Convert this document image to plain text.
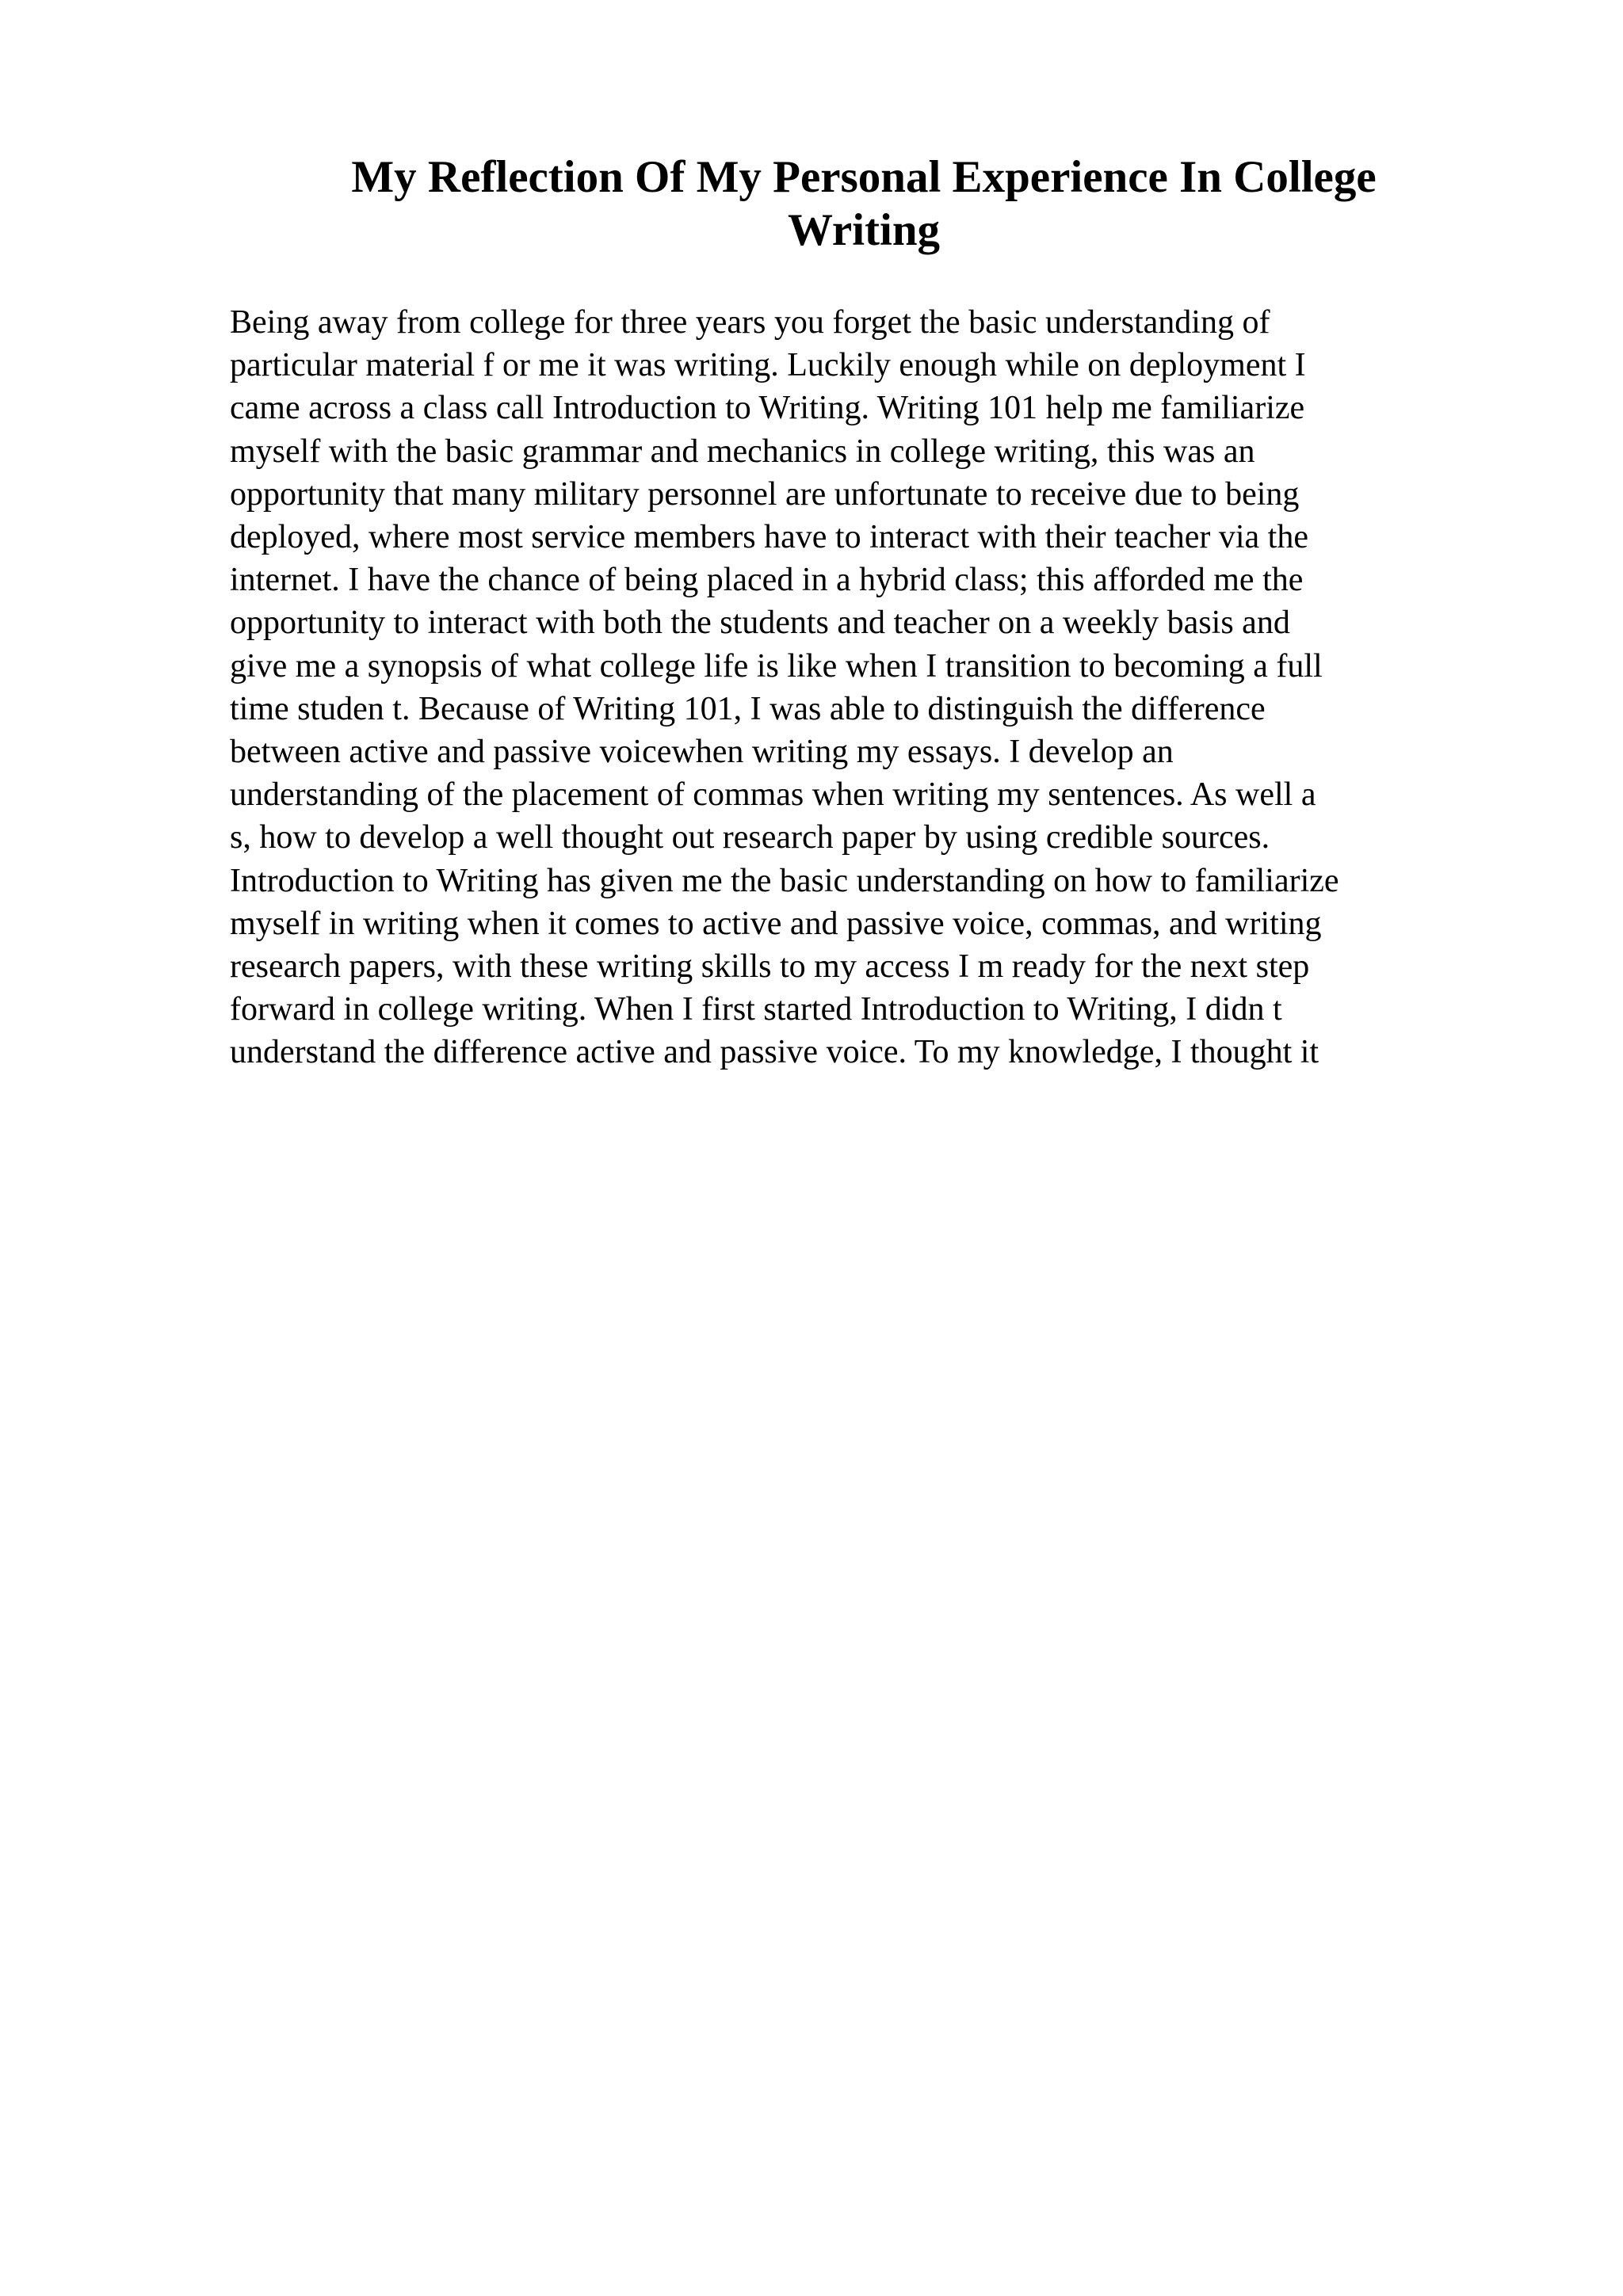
My Reflection Of My Personal Experience In College
Writing
Being away from college for three years you forget the basic understanding of
particular material f or me it was writing. Luckily enough while on deployment I
came across a class call Introduction to Writing. Writing 101 help me familiarize
myself with the basic grammar and mechanics in college writing, this was an
opportunity that many military personnel are unfortunate to receive due to being
deployed, where most service members have to interact with their teacher via the
internet. I have the chance of being placed in a hybrid class; this afforded me the
opportunity to interact with both the students and teacher on a weekly basis and
give me a synopsis of what college life is like when I transition to becoming a full
time studen t. Because of Writing 101, I was able to distinguish the difference
between active and passive voicewhen writing my essays. I develop an
understanding of the placement of commas when writing my sentences. As well a
s, how to develop a well thought out research paper by using credible sources.
Introduction to Writing has given me the basic understanding on how to familiarize
myself in writing when it comes to active and passive voice, commas, and writing
research papers, with these writing skills to my access I m ready for the next step
forward in college writing. When I first started Introduction to Writing, I didn t
understand the difference active and passive voice. To my knowledge, I thought it
